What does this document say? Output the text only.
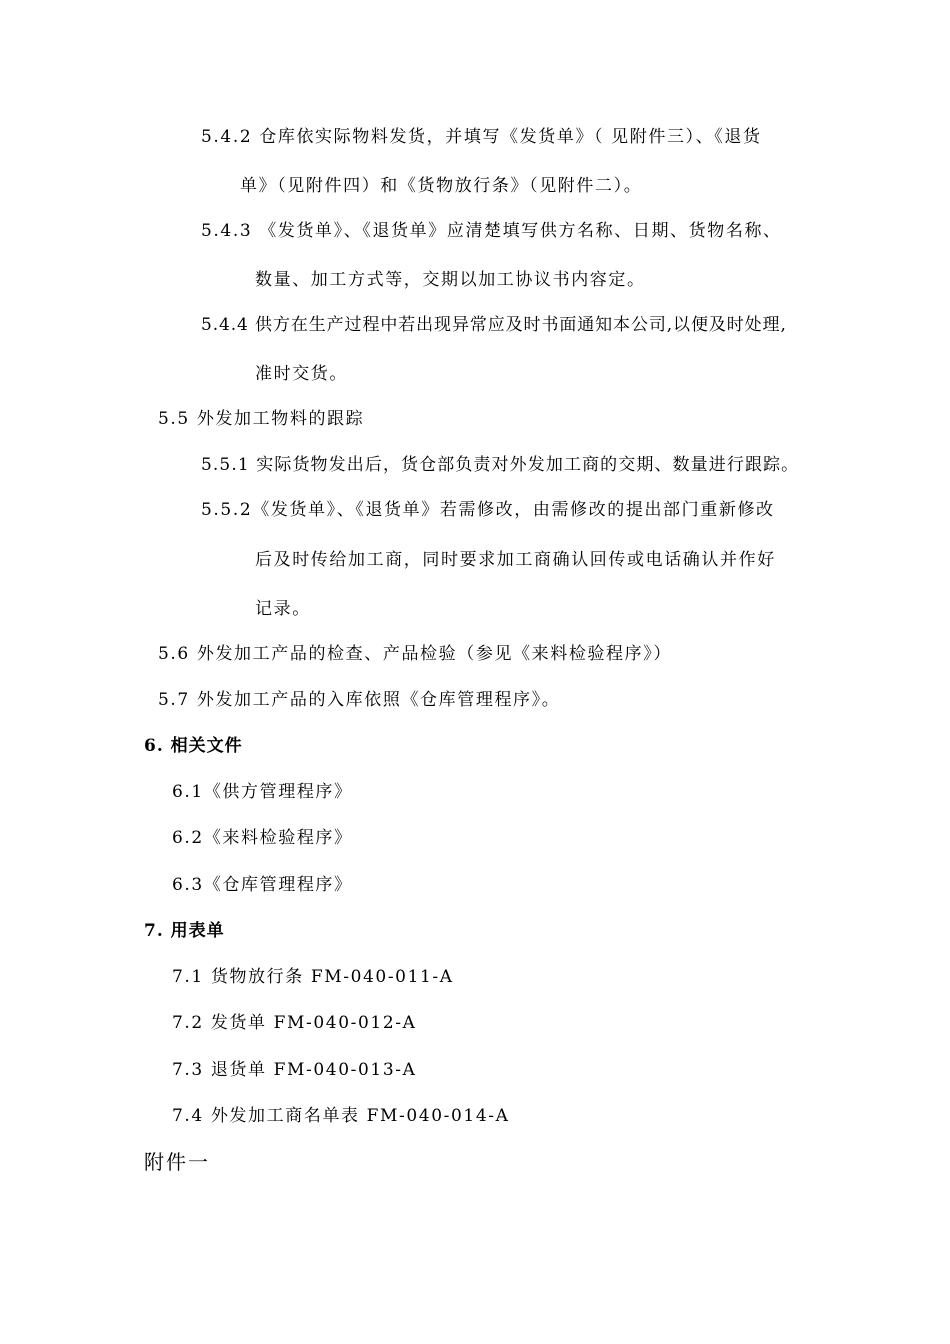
5.4.2 仓库依实际物料发货，并填写《发货单》（ 见附件三）、《退货
单》（见附件四）和《货物放行条》（见附件二）。
5.4.3 《发货单》、《退货单》应清楚填写供方名称、日期、货物名称、
数量、加工方式等，交期以加工协议书内容定。
5.4.4 供方在生产过程中若出现异常应及时书面通知本公司,以便及时处理,
准时交货。
5.5 外发加工物料的跟踪
5.5.1 实际货物发出后，货仓部负责对外发加工商的交期、数量进行跟踪。
5.5.2《发货单》、《退货单》若需修改，由需修改的提出部门重新修改
后及时传给加工商，同时要求加工商确认回传或电话确认并作好
记录。
5.6 外发加工产品的检查、产品检验（参见《来料检验程序》）
5.7 外发加工产品的入库依照《仓库管理程序》。
6. 相关文件
6.1《供方管理程序》
6.2《来料检验程序》
6.3《仓库管理程序》
7. 用表单
7.1 货物放行条 FM-040-011-A
7.2 发货单 FM-040-012-A
7.3 退货单 FM-040-013-A
7.4 外发加工商名单表 FM-040-014-A
附件一
